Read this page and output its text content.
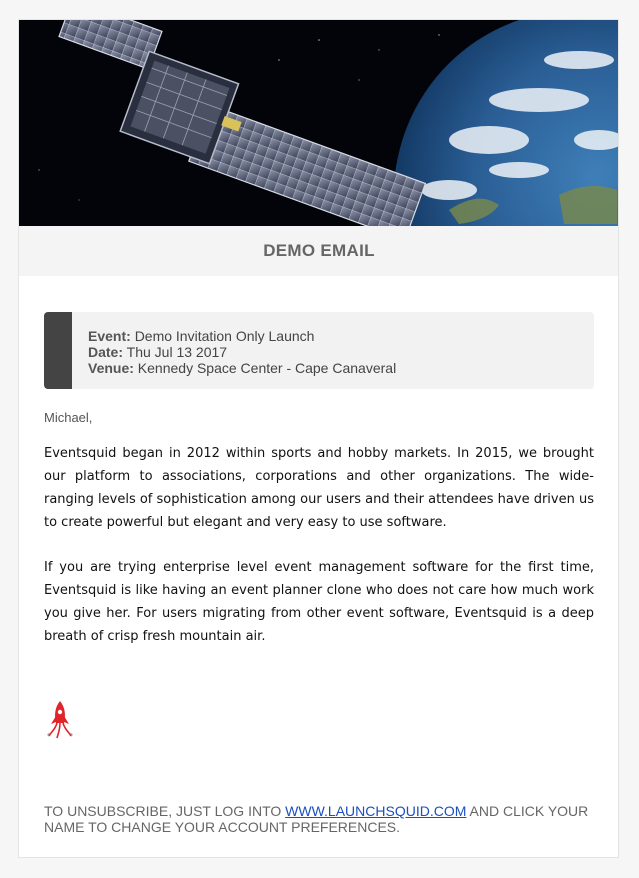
DEMO EMAIL
Event: Demo Invitation Only Launch
Date: Thu Jul 13 2017
Venue: Kennedy Space Center - Cape Canaveral
Michael,

Eventsquid began in 2012 within sports and hobby markets. In 2015, we brought our platform to associations, corporations and other organizations. The wide-ranging levels of sophistication among our users and their attendees have driven us to create powerful but elegant and very easy to use software.

If you are trying enterprise level event management software for the first time, Eventsquid is like having an event planner clone who does not care how much work you give her. For users migrating from other event software, Eventsquid is a deep breath of crisp fresh mountain air.

TO UNSUBSCRIBE, JUST LOG INTO WWW.LAUNCHSQUID.COM AND CLICK YOUR NAME TO CHANGE YOUR ACCOUNT PREFERENCES.
